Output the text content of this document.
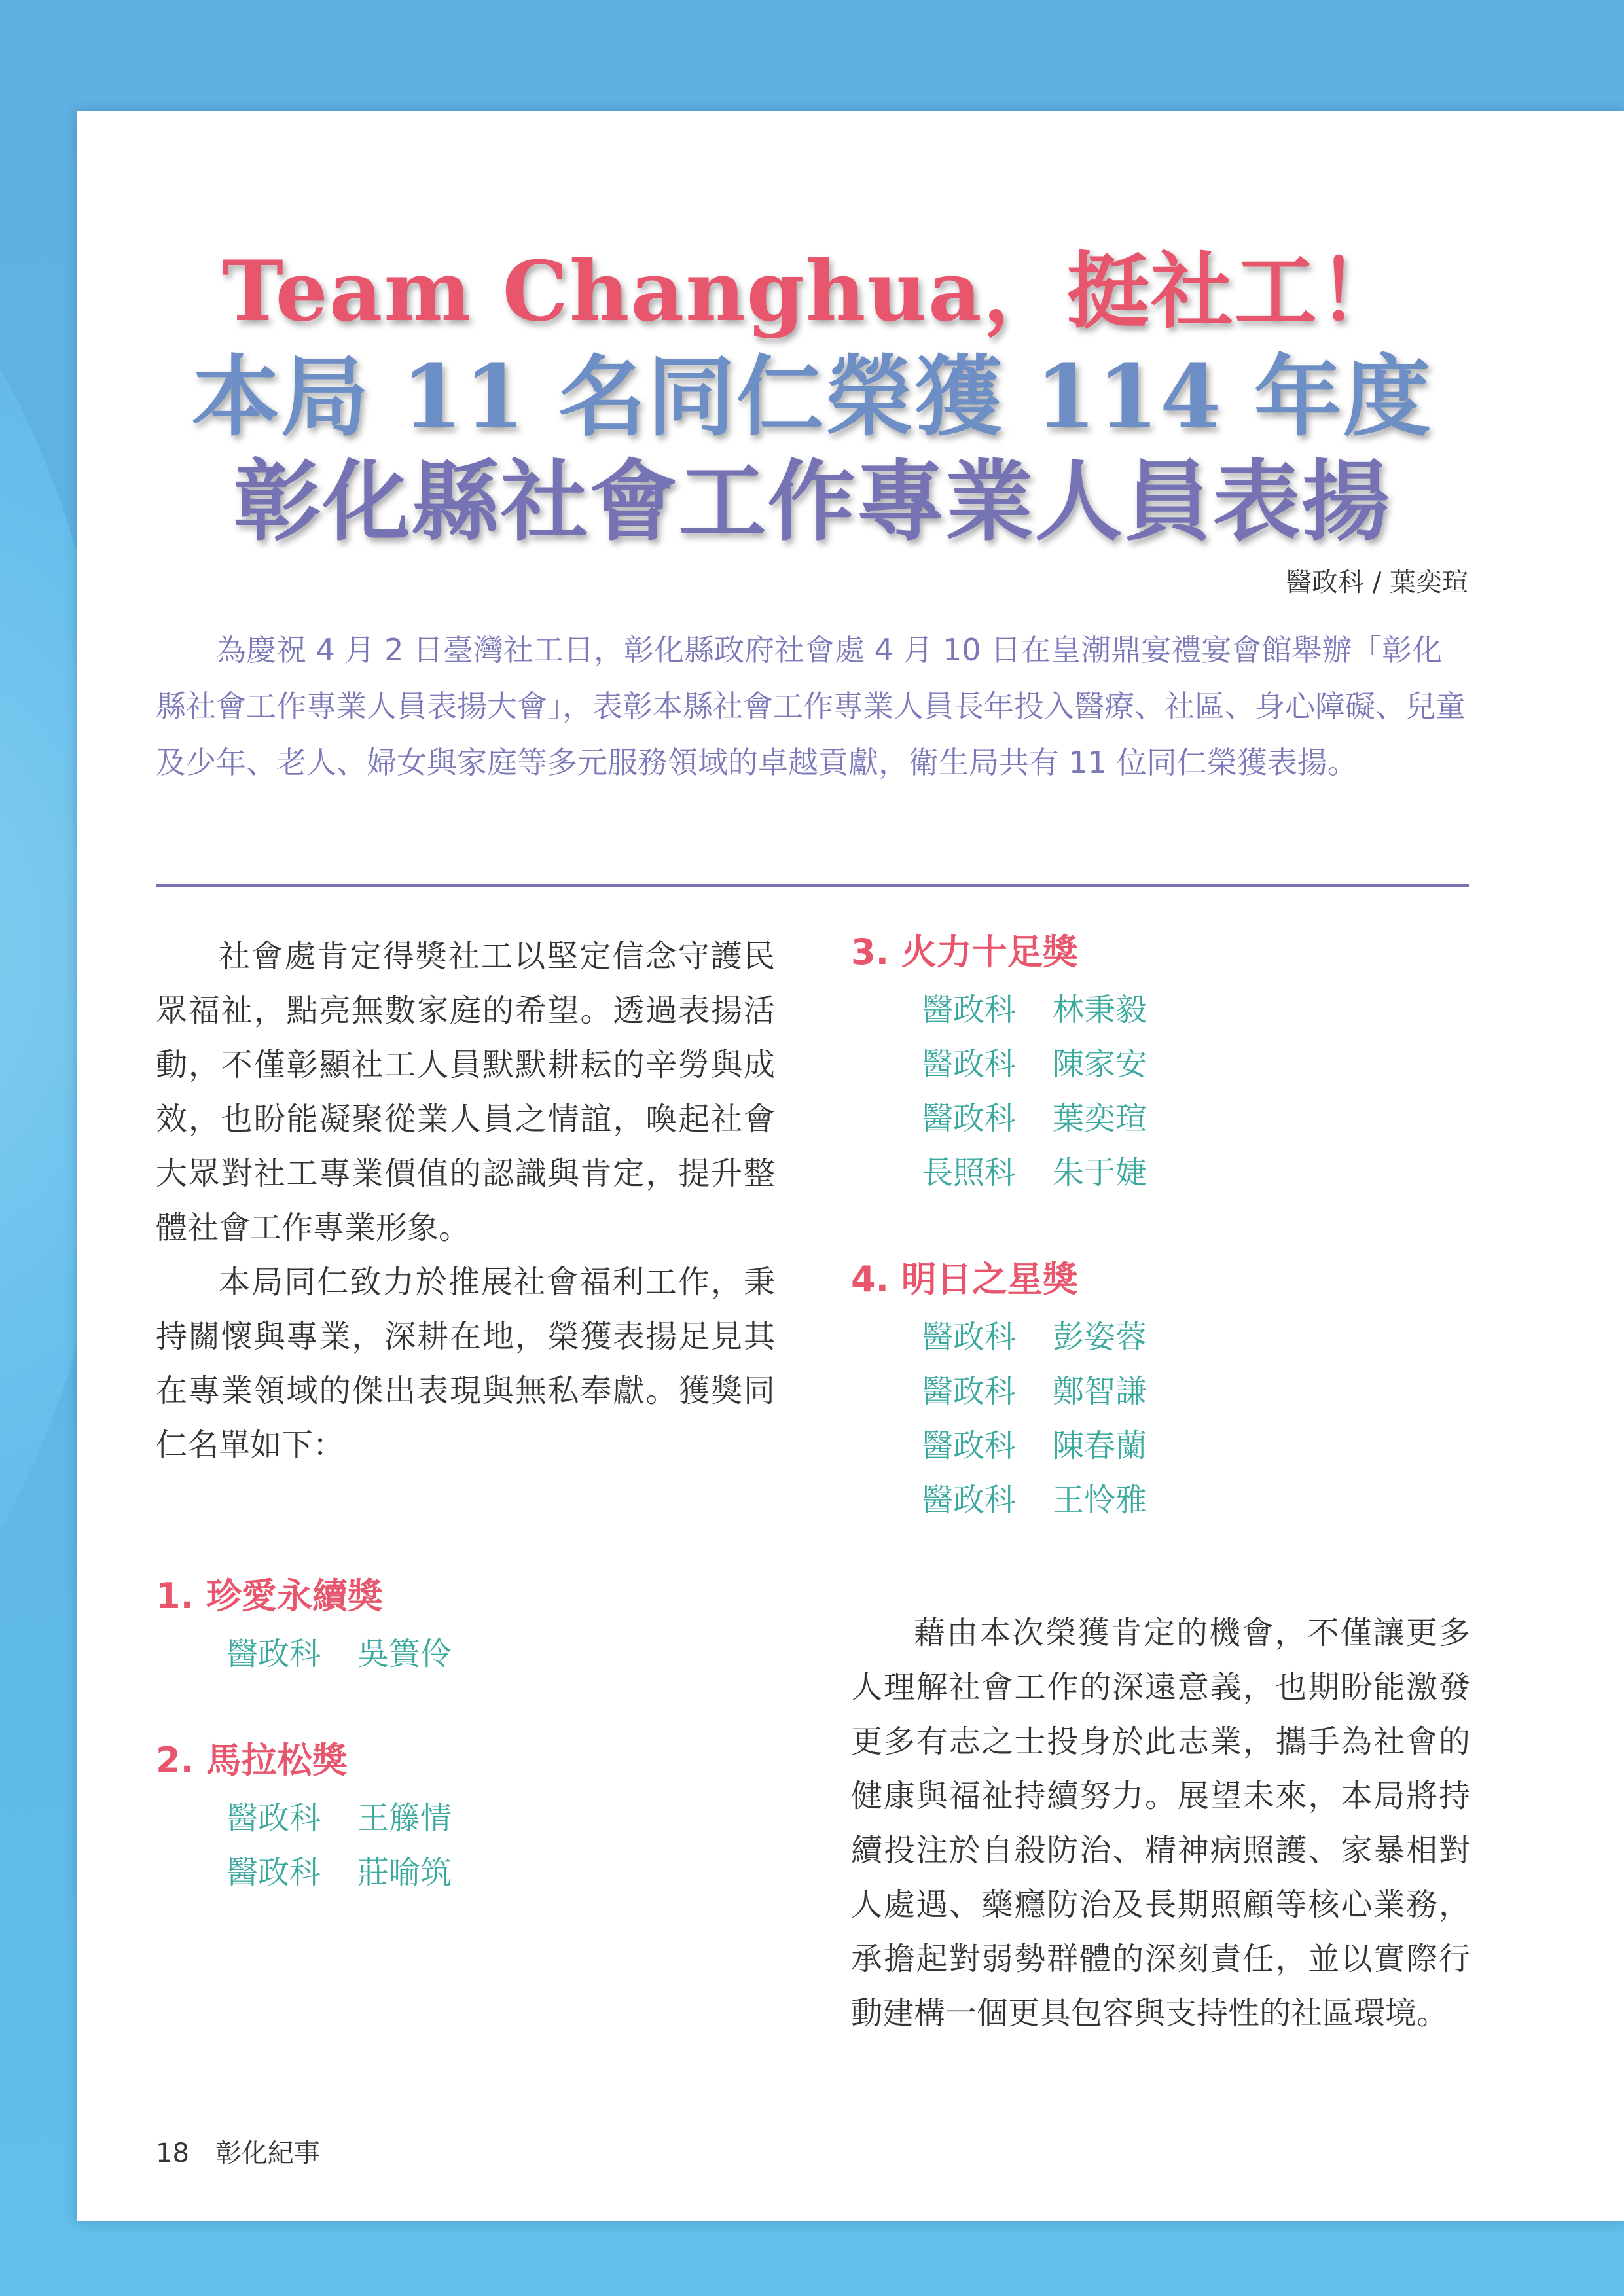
Team Changhua，挺社工！
本局 11 名同仁榮獲 114 年度
彰化縣社會工作專業人員表揚
醫政科 / 葉奕瑄

為慶祝 4 月 2 日臺灣社工日，彰化縣政府社會處 4 月 10 日在皇潮鼎宴禮宴會館舉辦「彰化縣社會工作專業人員表揚大會」，表彰本縣社會工作專業人員長年投入醫療、社區、身心障礙、兒童及少年、老人、婦女與家庭等多元服務領域的卓越貢獻，衛生局共有 11 位同仁榮獲表揚。

社會處肯定得獎社工以堅定信念守護民眾福祉，點亮無數家庭的希望。透過表揚活動，不僅彰顯社工人員默默耕耘的辛勞與成效，也盼能凝聚從業人員之情誼，喚起社會大眾對社工專業價值的認識與肯定，提升整體社會工作專業形象。

本局同仁致力於推展社會福利工作，秉持關懷與專業，深耕在地，榮獲表揚足見其在專業領域的傑出表現與無私奉獻。獲獎同仁名單如下：

1. 珍愛永續獎

醫政科 吳簣伶

2. 馬拉松獎

醫政科 王籐情
醫政科 莊喻筑

3. 火力十足獎

醫政科 林秉毅
醫政科 陳家安
醫政科 葉奕瑄
長照科 朱于婕

4. 明日之星獎

醫政科 彭姿蓉
醫政科 鄭智謙
醫政科 陳春蘭
醫政科 王怜雅

藉由本次榮獲肯定的機會，不僅讓更多人理解社會工作的深遠意義，也期盼能激發更多有志之士投身於此志業，攜手為社會的健康與福祉持續努力。展望未來，本局將持續投注於自殺防治、精神病照護、家暴相對人處遇、藥癮防治及長期照顧等核心業務，承擔起對弱勢群體的深刻責任，並以實際行動建構一個更具包容與支持性的社區環境。

18 彰化紀事
